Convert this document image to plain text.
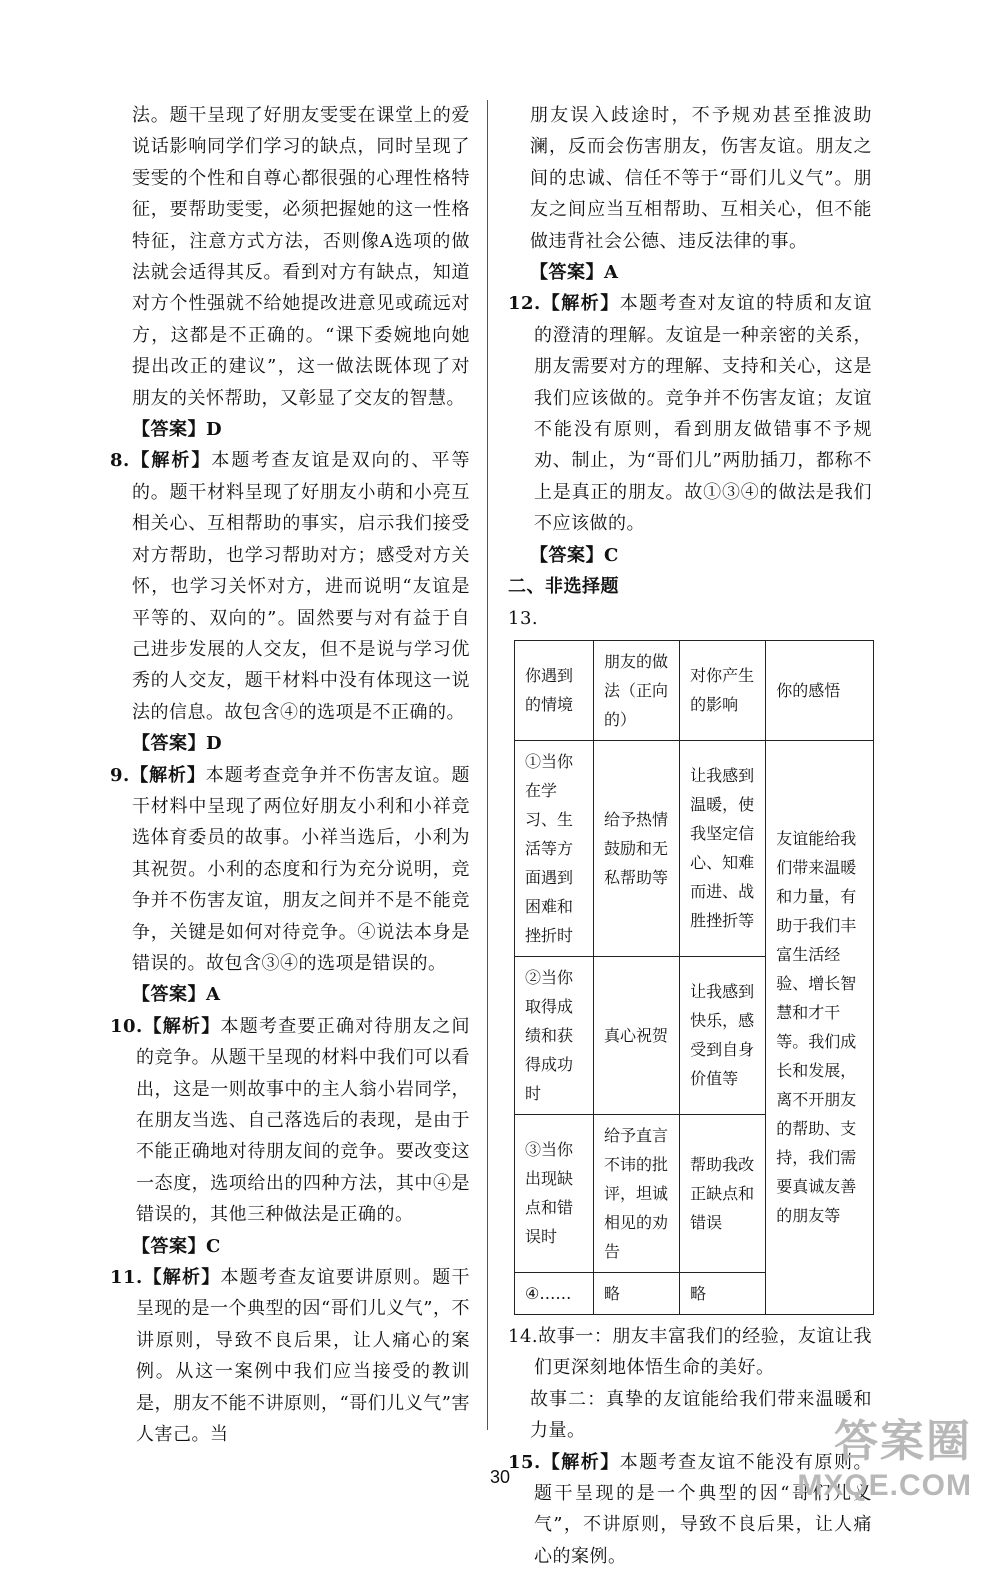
法。题干呈现了好朋友雯雯在课堂上的爱说话影响同学们学习的缺点，同时呈现了雯雯的个性和自尊心都很强的心理性格特征，要帮助雯雯，必须把握她的这一性格特征，注意方式方法，否则像A选项的做法就会适得其反。看到对方有缺点，知道对方个性强就不给她提改进意见或疏远对方，这都是不正确的。“课下委婉地向她提出改正的建议”，这一做法既体现了对朋友的关怀帮助，又彰显了交友的智慧。

【答案】D

8.【解析】本题考查友谊是双向的、平等的。题干材料呈现了好朋友小萌和小亮互相关心、互相帮助的事实，启示我们接受对方帮助，也学习帮助对方；感受对方关怀，也学习关怀对方，进而说明“友谊是平等的、双向的”。固然要与对有益于自己进步发展的人交友，但不是说与学习优秀的人交友，题干材料中没有体现这一说法的信息。故包含④的选项是不正确的。

【答案】D

9.【解析】本题考查竞争并不伤害友谊。题干材料中呈现了两位好朋友小利和小祥竞选体育委员的故事。小祥当选后，小利为其祝贺。小利的态度和行为充分说明，竞争并不伤害友谊，朋友之间并不是不能竞争，关键是如何对待竞争。④说法本身是错误的。故包含③④的选项是错误的。

【答案】A

10.【解析】本题考查要正确对待朋友之间的竞争。从题干呈现的材料中我们可以看出，这是一则故事中的主人翁小岩同学，在朋友当选、自己落选后的表现，是由于不能正确地对待朋友间的竞争。要改变这一态度，选项给出的四种方法，其中④是错误的，其他三种做法是正确的。

【答案】C

11.【解析】本题考查友谊要讲原则。题干呈现的是一个典型的因“哥们儿义气”，不讲原则，导致不良后果，让人痛心的案例。从这一案例中我们应当接受的教训是，朋友不能不讲原则，“哥们儿义气”害人害己。当

朋友误入歧途时，不予规劝甚至推波助澜，反而会伤害朋友，伤害友谊。朋友之间的忠诚、信任不等于“哥们儿义气”。朋友之间应当互相帮助、互相关心，但不能做违背社会公德、违反法律的事。

【答案】A

12.【解析】本题考查对友谊的特质和友谊的澄清的理解。友谊是一种亲密的关系，朋友需要对方的理解、支持和关心，这是我们应该做的。竞争并不伤害友谊；友谊不能没有原则，看到朋友做错事不予规劝、制止，为“哥们儿”两肋插刀，都称不上是真正的朋友。故①③④的做法是我们不应该做的。

【答案】C

二、非选择题

13.

你遇到的情境	朋友的做法（正向的）	对你产生的影响	你的感悟
①当你在学习、生活等方面遇到困难和挫折时	给予热情鼓励和无私帮助等	让我感到温暖，使我坚定信心、知难而进、战胜挫折等	友谊能给我们带来温暖和力量，有助于我们丰富生活经验、增长智慧和才干等。我们成长和发展，离不开朋友的帮助、支持，我们需要真诚友善的朋友等
②当你取得成绩和获得成功时	真心祝贺	让我感到快乐，感受到自身价值等	
③当你出现缺点和错误时	给予直言不讳的批评，坦诚相见的劝告	帮助我改正缺点和错误	
④……	略	略	

14.故事一：朋友丰富我们的经验，友谊让我们更深刻地体悟生命的美好。

故事二：真挚的友谊能给我们带来温暖和力量。

15.【解析】本题考查友谊不能没有原则。题干呈现的是一个典型的因“哥们儿义气”，不讲原则，导致不良后果，让人痛心的案例。

30
答案圈
MXQE.COM
